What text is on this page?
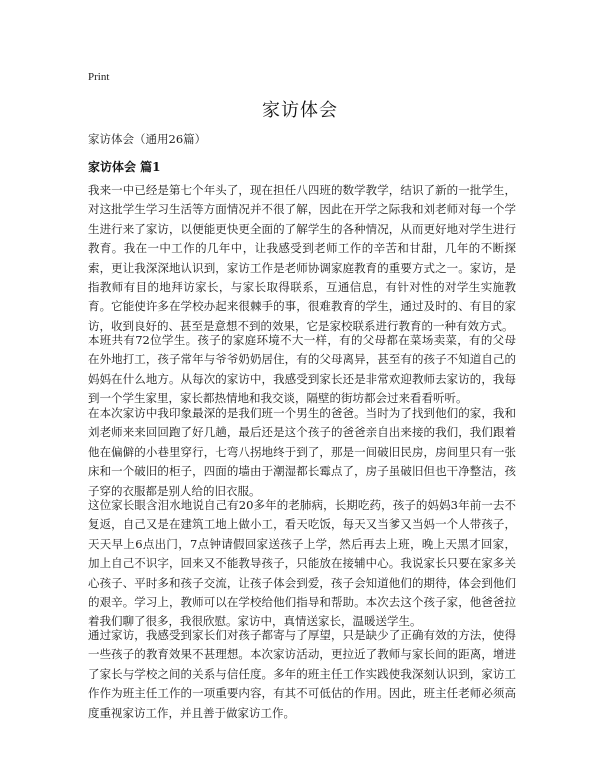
Print
家访体会
家访体会（通用26篇）
家访体会 篇1

我来一中已经是第七个年头了，现在担任八四班的数学教学，结识了新的一批学生，对这批学生学习生活等方面情况并不很了解，因此在开学之际我和刘老师对每一个学生进行来了家访，以便能更快更全面的了解学生的各种情况，从而更好地对学生进行教育。我在一中工作的几年中，让我感受到老师工作的辛苦和甘甜，几年的不断探索，更让我深深地认识到，家访工作是老师协调家庭教育的重要方式之一。家访，是指教师有目的地拜访家长，与家长取得联系，互通信息，有针对性的对学生实施教育。它能使许多在学校办起来很棘手的事，很难教育的学生，通过及时的、有目的家访，收到良好的、甚至是意想不到的效果，它是家校联系进行教育的一种有效方式。

本班共有72位学生。孩子的家庭环境不大一样，有的父母都在菜场卖菜，有的父母在外地打工，孩子常年与爷爷奶奶居住，有的父母离异，甚至有的孩子不知道自己的妈妈在什么地方。从每次的家访中，我感受到家长还是非常欢迎教师去家访的，我每到一个学生家里，家长都热情地和我交谈，隔壁的街坊都会过来看看听听。

在本次家访中我印象最深的是我们班一个男生的爸爸。当时为了找到他们的家，我和刘老师来来回回跑了好几趟，最后还是这个孩子的爸爸亲自出来接的我们，我们跟着他在偏僻的小巷里穿行，七弯八拐地终于到了，那是一间破旧民房，房间里只有一张床和一个破旧的柜子，四面的墙由于潮湿都长霉点了，房子虽破旧但也干净整洁，孩子穿的衣服都是别人给的旧衣服。

这位家长眼含泪水地说自己有20多年的老肺病，长期吃药，孩子的妈妈3年前一去不复返，自己又是在建筑工地上做小工，看天吃饭，每天又当爹又当妈一个人带孩子，天天早上6点出门，7点钟请假回家送孩子上学，然后再去上班，晚上天黑才回家，加上自己不识字，回来又不能教导孩子，只能放在接辅中心。我说家长只要在家多关心孩子、平时多和孩子交流，让孩子体会到爱，孩子会知道他们的期待，体会到他们的艰辛。学习上，教师可以在学校给他们指导和帮助。本次去这个孩子家，他爸爸拉着我们聊了很多，我很欣慰。家访中，真情送家长，温暖送学生。

通过家访，我感受到家长们对孩子都寄与了厚望，只是缺少了正确有效的方法，使得一些孩子的教育效果不甚理想。本次家访活动，更拉近了教师与家长间的距离，增进了家长与学校之间的关系与信任度。多年的班主任工作实践使我深刻认识到，家访工作作为班主任工作的一项重要内容，有其不可低估的作用。因此，班主任老师必须高度重视家访工作，并且善于做家访工作。
